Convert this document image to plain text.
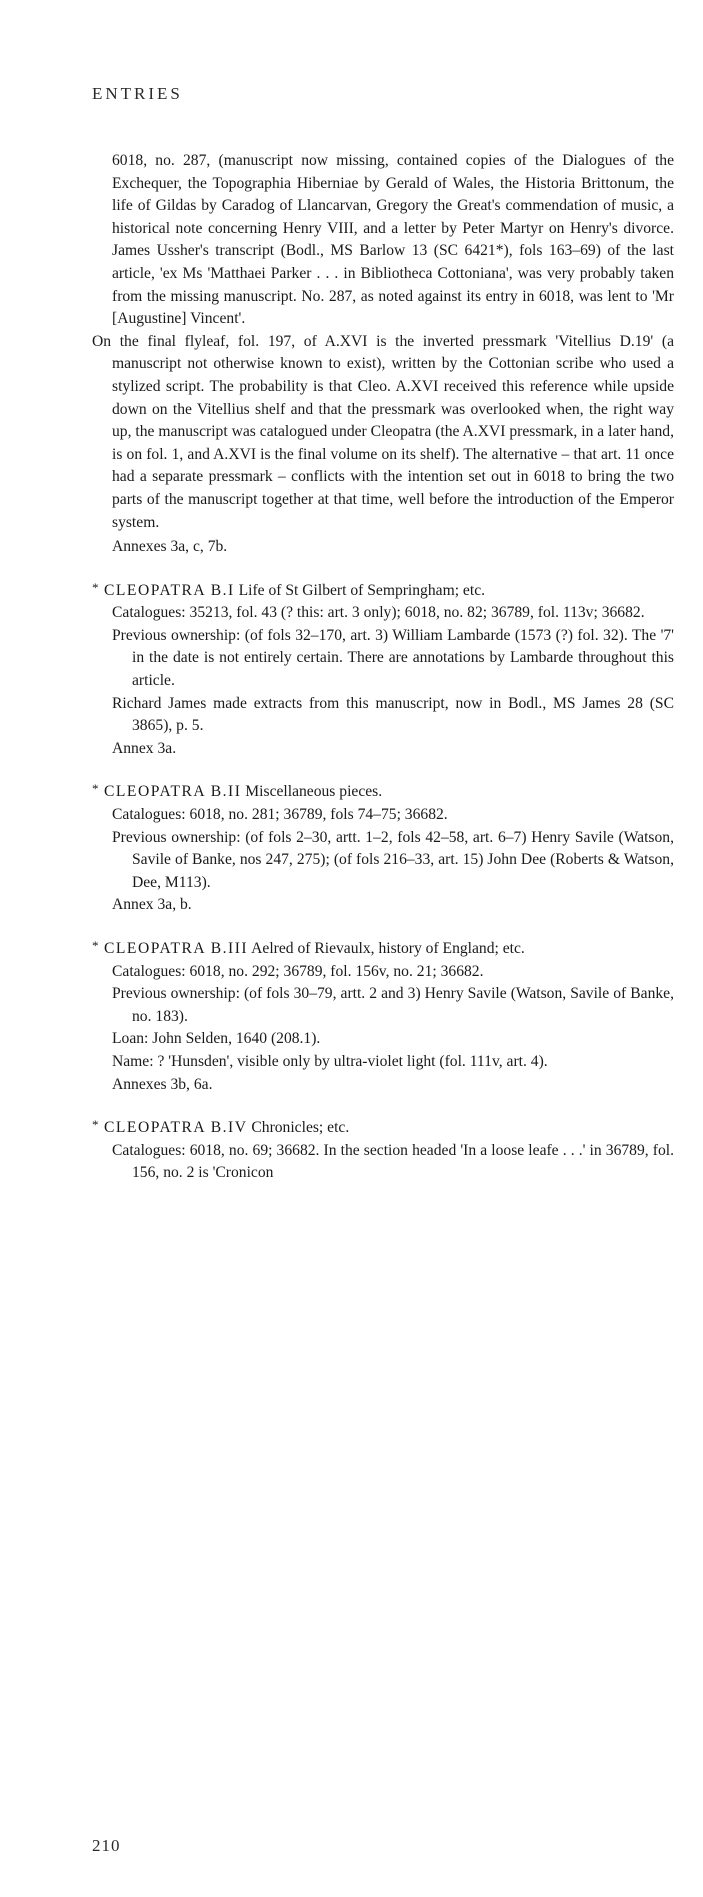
ENTRIES

6018, no. 287, (manuscript now missing, contained copies of the Dialogues of the Exchequer, the Topographia Hiberniae by Gerald of Wales, the Historia Brittonum, the life of Gildas by Caradog of Llancarvan, Gregory the Great's commendation of music, a historical note concerning Henry VIII, and a letter by Peter Martyr on Henry's divorce. James Ussher's transcript (Bodl., MS Barlow 13 (SC 6421*), fols 163–69) of the last article, 'ex Ms 'Matthaei Parker . . . in Bibliotheca Cottoniana', was very probably taken from the missing manuscript. No. 287, as noted against its entry in 6018, was lent to 'Mr [Augustine] Vincent'.

On the final flyleaf, fol. 197, of A.XVI is the inverted pressmark 'Vitellius D.19' (a manuscript not otherwise known to exist), written by the Cottonian scribe who used a stylized script. The probability is that Cleo. A.XVI received this reference while upside down on the Vitellius shelf and that the pressmark was overlooked when, the right way up, the manuscript was catalogued under Cleopatra (the A.XVI pressmark, in a later hand, is on fol. 1, and A.XVI is the final volume on its shelf). The alternative – that art. 11 once had a separate pressmark – conflicts with the intention set out in 6018 to bring the two parts of the manuscript together at that time, well before the introduction of the Emperor system.

Annexes 3a, c, 7b.

* CLEOPATRA B.I Life of St Gilbert of Sempringham; etc.

Catalogues: 35213, fol. 43 (? this: art. 3 only); 6018, no. 82; 36789, fol. 113v; 36682.

Previous ownership: (of fols 32–170, art. 3) William Lambarde (1573 (?) fol. 32). The '7' in the date is not entirely certain. There are annotations by Lambarde throughout this article.

Richard James made extracts from this manuscript, now in Bodl., MS James 28 (SC 3865), p. 5.

Annex 3a.

* CLEOPATRA B.II Miscellaneous pieces.

Catalogues: 6018, no. 281; 36789, fols 74–75; 36682.

Previous ownership: (of fols 2–30, artt. 1–2, fols 42–58, art. 6–7) Henry Savile (Watson, Savile of Banke, nos 247, 275); (of fols 216–33, art. 15) John Dee (Roberts & Watson, Dee, M113).

Annex 3a, b.

* CLEOPATRA B.III Aelred of Rievaulx, history of England; etc.

Catalogues: 6018, no. 292; 36789, fol. 156v, no. 21; 36682.

Previous ownership: (of fols 30–79, artt. 2 and 3) Henry Savile (Watson, Savile of Banke, no. 183).

Loan: John Selden, 1640 (208.1).

Name: ? 'Hunsden', visible only by ultra-violet light (fol. 111v, art. 4).

Annexes 3b, 6a.

* CLEOPATRA B.IV Chronicles; etc.

Catalogues: 6018, no. 69; 36682. In the section headed 'In a loose leafe . . .' in 36789, fol. 156, no. 2 is 'Cronicon

210
